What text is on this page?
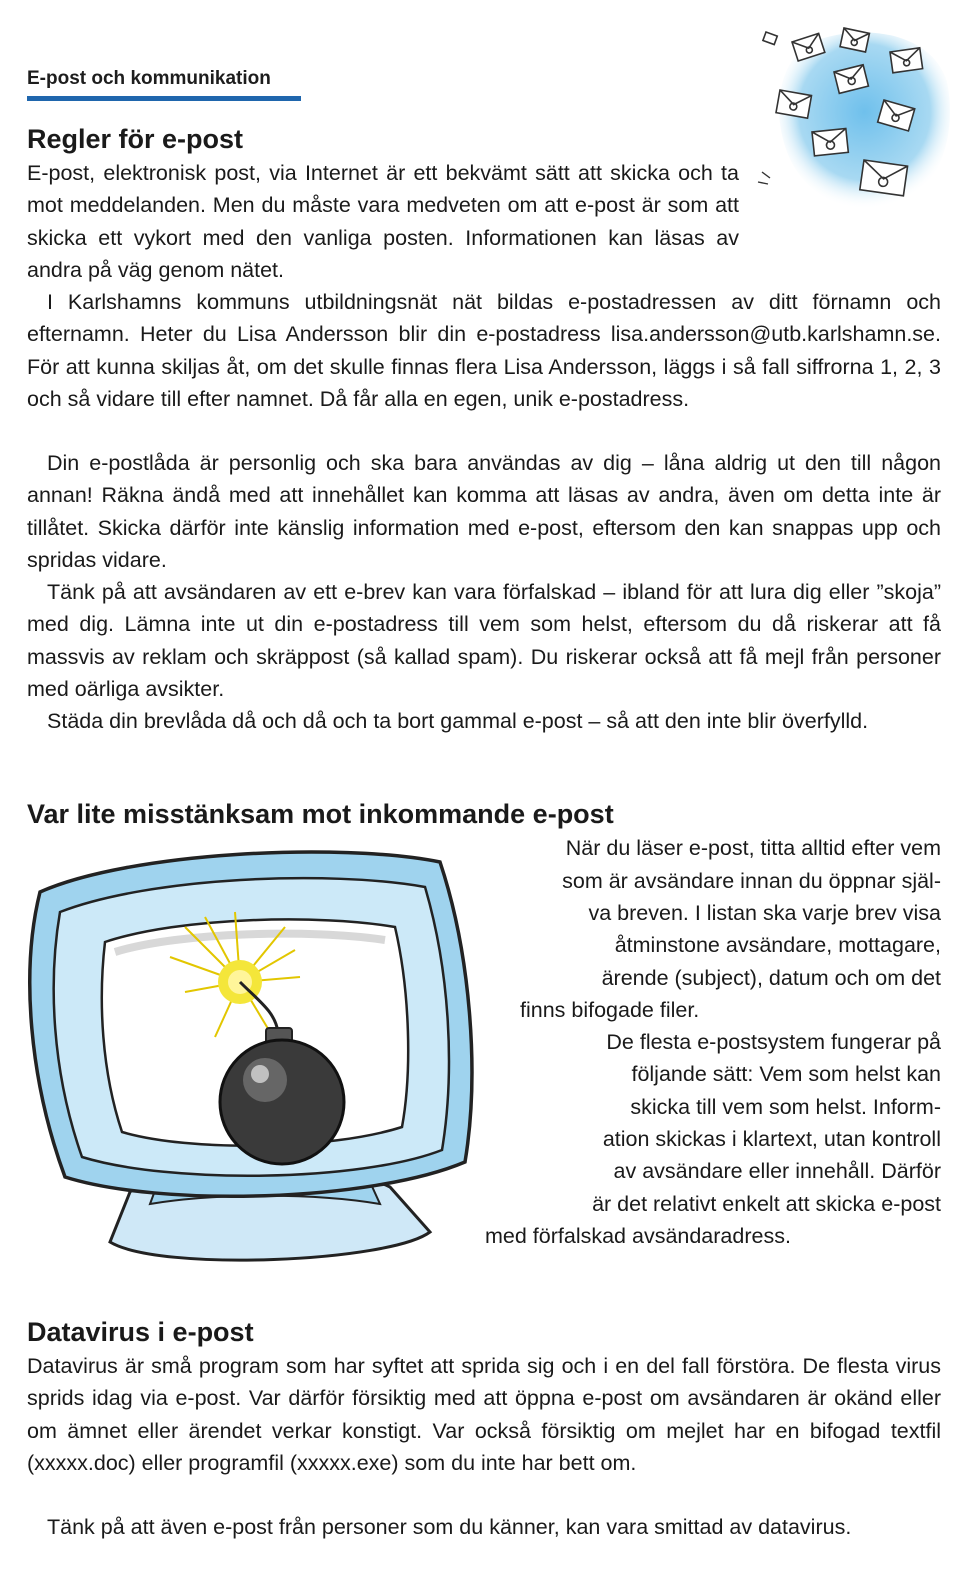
E-post och kommunikation
Regler för e-post

E-post, elektronisk post, via Internet är ett bekvämt sätt att skicka och ta mot meddelanden. Men du måste vara medveten om att e-post är som att skicka ett vykort med den vanliga posten. Informationen kan läsas av andra på väg genom nätet.

I Karlshamns kommuns utbildningsnät nät bildas e-postadressen av ditt förnamn och efternamn. Heter du Lisa Andersson blir din e-postadress lisa.andersson@utb.karlshamn.se. För att kunna skiljas åt, om det skulle finnas flera Lisa Andersson, läggs i så fall siffrorna 1, 2, 3 och så vidare till efter namnet. Då får alla en egen, unik e-postadress.

Din e-postlåda är personlig och ska bara användas av dig – låna aldrig ut den till någon annan! Räkna ändå med att innehållet kan komma att läsas av andra, även om detta inte är tillåtet. Skicka därför inte känslig information med e-post, eftersom den kan snappas upp och spridas vidare.

Tänk på att avsändaren av ett e-brev kan vara förfalskad – ibland för att lura dig eller ”skoja” med dig. Lämna inte ut din e-postadress till vem som helst, eftersom du då riskerar att få massvis av reklam och skräppost (så kallad spam). Du riskerar också att få mejl från personer med oärliga avsikter.

Städa din brevlåda då och då och ta bort gammal e-post – så att den inte blir överfylld.

Var lite misstänksam mot inkommande e-post
När du läser e-post, titta alltid efter vem
som är avsändare innan du öppnar själ-
va breven. I listan ska varje brev visa
åtminstone avsändare, mottagare,
ärende (subject), datum och om det
finns bifogade filer.
De flesta e-postsystem fungerar på
följande sätt: Vem som helst kan
skicka till vem som helst. Inform-
ation skickas i klartext, utan kontroll
av avsändare eller innehåll. Därför
är det relativt enkelt att skicka e-post
med förfalskad avsändaradress.
Datavirus i e-post

Datavirus är små program som har syftet att sprida sig och i en del fall förstöra. De flesta virus sprids idag via e-post. Var därför försiktig med att öppna e-post om avsändaren är okänd eller om ämnet eller ärendet verkar konstigt. Var också försiktig om mejlet har en bifogad textfil (xxxxx.doc) eller programfil (xxxxx.exe) som du inte har bett om.

Tänk på att även e-post från personer som du känner, kan vara smittad av datavirus.
